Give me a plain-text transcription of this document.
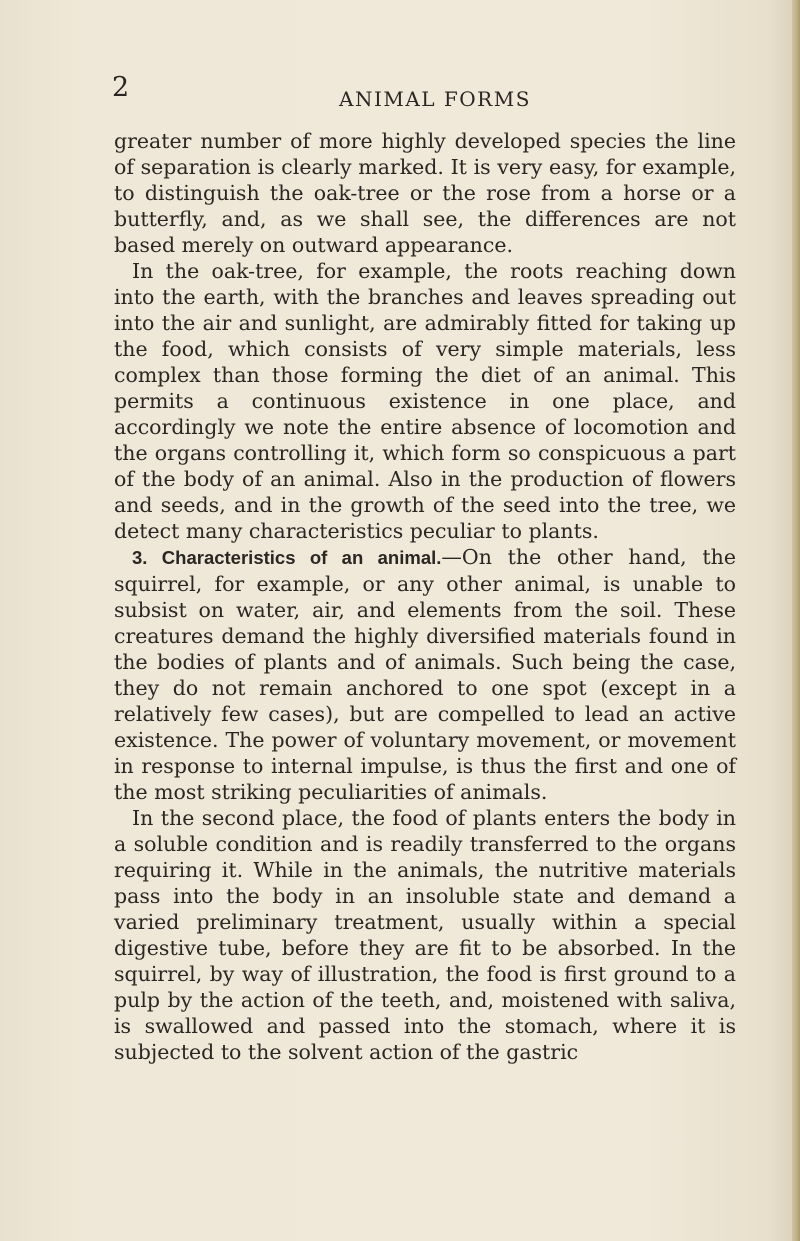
2	ANIMAL FORMS

greater number of more highly developed species the line of separation is clearly marked. It is very easy, for example, to distinguish the oak-tree or the rose from a horse or a butterfly, and, as we shall see, the differences are not based merely on outward appearance.

In the oak-tree, for example, the roots reaching down into the earth, with the branches and leaves spreading out into the air and sunlight, are admirably fitted for taking up the food, which consists of very simple materials, less complex than those forming the diet of an animal. This permits a continuous existence in one place, and accordingly we note the entire absence of locomotion and the organs controlling it, which form so conspicuous a part of the body of an animal. Also in the production of flowers and seeds, and in the growth of the seed into the tree, we detect many characteristics peculiar to plants.

3. Characteristics of an animal.—On the other hand, the squirrel, for example, or any other animal, is unable to subsist on water, air, and elements from the soil. These creatures demand the highly diversified materials found in the bodies of plants and of animals. Such being the case, they do not remain anchored to one spot (except in a relatively few cases), but are compelled to lead an active existence. The power of voluntary movement, or movement in response to internal impulse, is thus the first and one of the most striking peculiarities of animals.

In the second place, the food of plants enters the body in a soluble condition and is readily transferred to the organs requiring it. While in the animals, the nutritive materials pass into the body in an insoluble state and demand a varied preliminary treatment, usually within a special digestive tube, before they are fit to be absorbed. In the squirrel, by way of illustration, the food is first ground to a pulp by the action of the teeth, and, moistened with saliva, is swallowed and passed into the stomach, where it is subjected to the solvent action of the gastric
